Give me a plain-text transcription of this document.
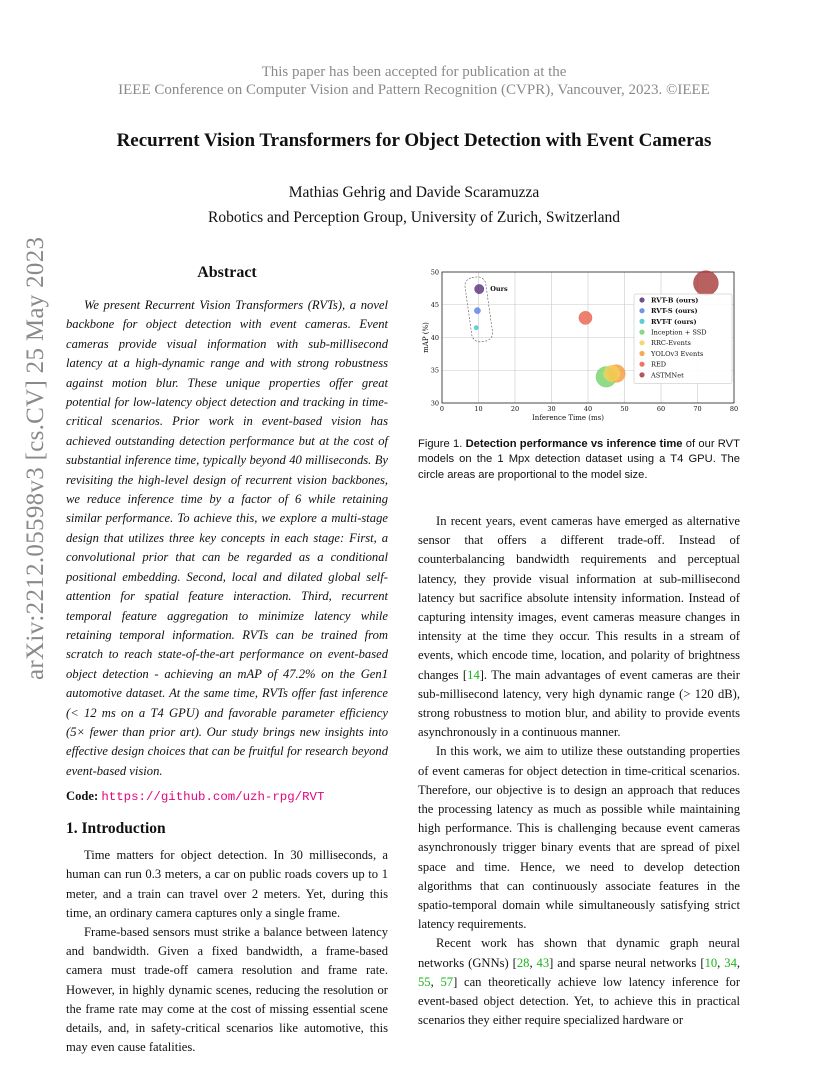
This paper has been accepted for publication at the
IEEE Conference on Computer Vision and Pattern Recognition (CVPR), Vancouver, 2023. ©IEEE
Recurrent Vision Transformers for Object Detection with Event Cameras
Mathias Gehrig and Davide Scaramuzza
Robotics and Perception Group, University of Zurich, Switzerland
arXiv:2212.05598v3 [cs.CV] 25 May 2023	Abstract

We present Recurrent Vision Transformers (RVTs), a novel backbone for object detection with event cameras. Event cameras provide visual information with sub-millisecond latency at a high-dynamic range and with strong robustness against motion blur. These unique properties offer great potential for low-latency object detection and tracking in time-critical scenarios. Prior work in event-based vision has achieved outstanding detection performance but at the cost of substantial inference time, typically beyond 40 milliseconds. By revisiting the high-level design of recurrent vision backbones, we reduce inference time by a factor of 6 while retaining similar performance. To achieve this, we explore a multi-stage design that utilizes three key concepts in each stage: First, a convolutional prior that can be regarded as a conditional positional embedding. Second, local and dilated global self-attention for spatial feature interaction. Third, recurrent temporal feature aggregation to minimize latency while retaining temporal information. RVTs can be trained from scratch to reach state-of-the-art performance on event-based object detection - achieving an mAP of 47.2% on the Gen1 automotive dataset. At the same time, RVTs offer fast inference (< 12 ms on a T4 GPU) and favorable parameter efficiency (5× fewer than prior art). Our study brings new insights into effective design choices that can be fruitful for research beyond event-based vision.

Code: https://github.com/uzh-rpg/RVT
1. Introduction

Time matters for object detection. In 30 milliseconds, a human can run 0.3 meters, a car on public roads covers up to 1 meter, and a train can travel over 2 meters. Yet, during this time, an ordinary camera captures only a single frame.

Frame-based sensors must strike a balance between latency and bandwidth. Given a fixed bandwidth, a frame-based camera must trade-off camera resolution and frame rate. However, in highly dynamic scenes, reducing the resolution or the frame rate may come at the cost of missing essential scene details, and, in safety-critical scenarios like automotive, this may even cause fatalities.

0	10	20	30	40	50	60	70	80
30
35
40
45
50
Inference Time (ms)
mAP (%)
Ours
RVT-B (ours)
RVT-S (ours)
RVT-T (ours)
Inception + SSD
RRC-Events
YOLOv3 Events
RED
ASTMNet
Figure 1. Detection performance vs inference time of our RVT models on the 1 Mpx detection dataset using a T4 GPU. The circle areas are proportional to the model size.

In recent years, event cameras have emerged as alternative sensor that offers a different trade-off. Instead of counterbalancing bandwidth requirements and perceptual latency, they provide visual information at sub-millisecond latency but sacrifice absolute intensity information. Instead of capturing intensity images, event cameras measure changes in intensity at the time they occur. This results in a stream of events, which encode time, location, and polarity of brightness changes [14]. The main advantages of event cameras are their sub-millisecond latency, very high dynamic range (> 120 dB), strong robustness to motion blur, and ability to provide events asynchronously in a continuous manner.

In this work, we aim to utilize these outstanding properties of event cameras for object detection in time-critical scenarios. Therefore, our objective is to design an approach that reduces the processing latency as much as possible while maintaining high performance. This is challenging because event cameras asynchronously trigger binary events that are spread of pixel space and time. Hence, we need to develop detection algorithms that can continuously associate features in the spatio-temporal domain while simultaneously satisfying strict latency requirements.

Recent work has shown that dynamic graph neural networks (GNNs) [28, 43] and sparse neural networks [10, 34, 55, 57] can theoretically achieve low latency inference for event-based object detection. Yet, to achieve this in practical scenarios they either require specialized hardware or
